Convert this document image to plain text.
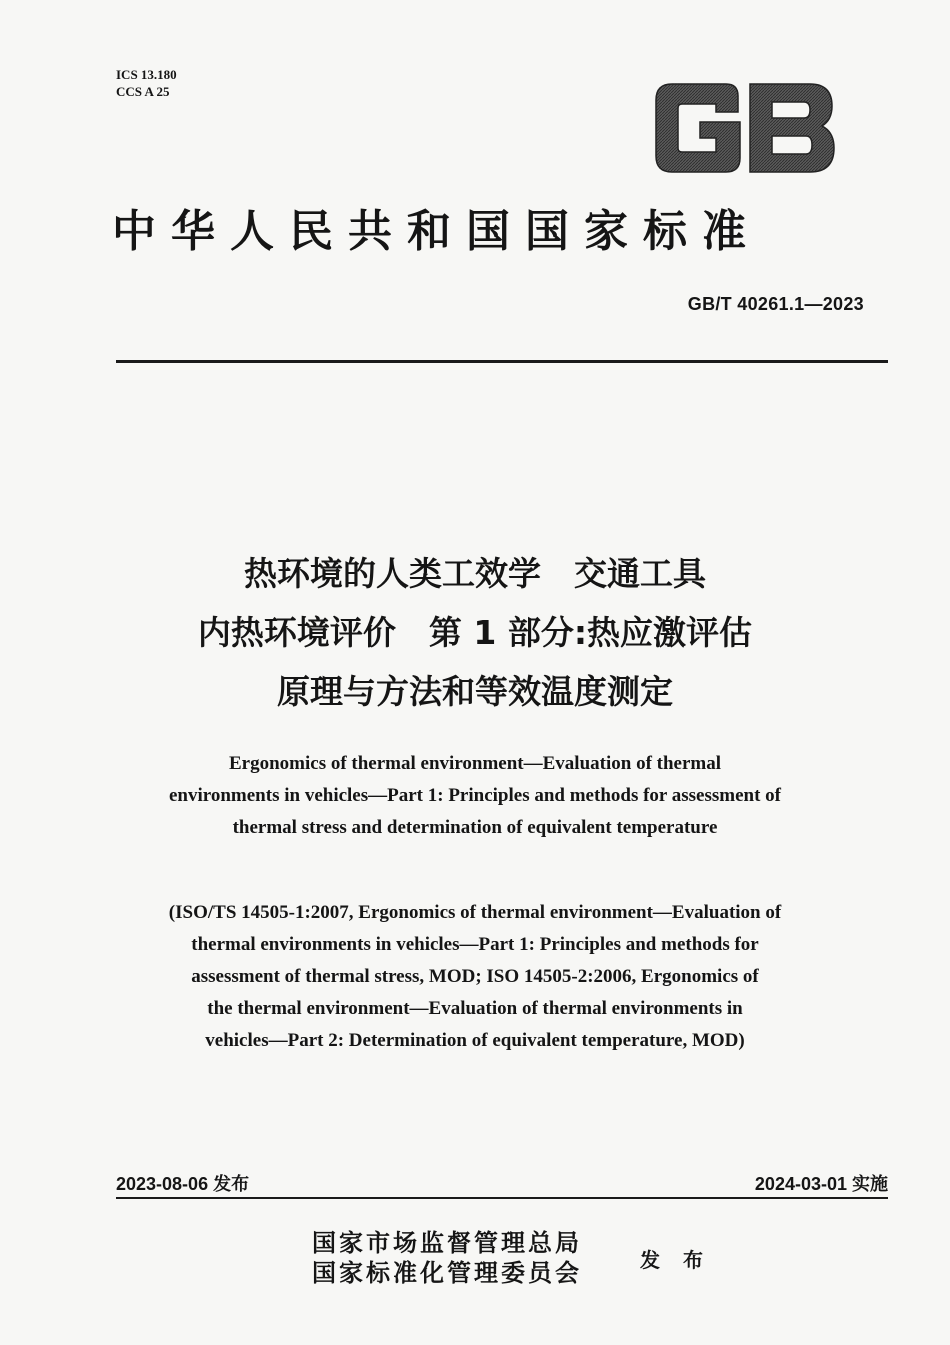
ICS 13.180
CCS A 25
中华人民共和国国家标准
GB/T 40261.1—2023
热环境的人类工效学　交通工具
内热环境评价　第 1 部分:热应激评估
原理与方法和等效温度测定
Ergonomics of thermal environment—Evaluation of thermal
environments in vehicles—Part 1: Principles and methods for assessment of
thermal stress and determination of equivalent temperature
(ISO/TS 14505-1:2007, Ergonomics of thermal environment—Evaluation of
thermal environments in vehicles—Part 1: Principles and methods for
assessment of thermal stress, MOD; ISO 14505-2:2006, Ergonomics of
the thermal environment—Evaluation of thermal environments in
vehicles—Part 2: Determination of equivalent temperature, MOD)
2023-08-06 发布	2024-03-01 实施
国家市场监督管理总局
国家标准化管理委员会	发 布
